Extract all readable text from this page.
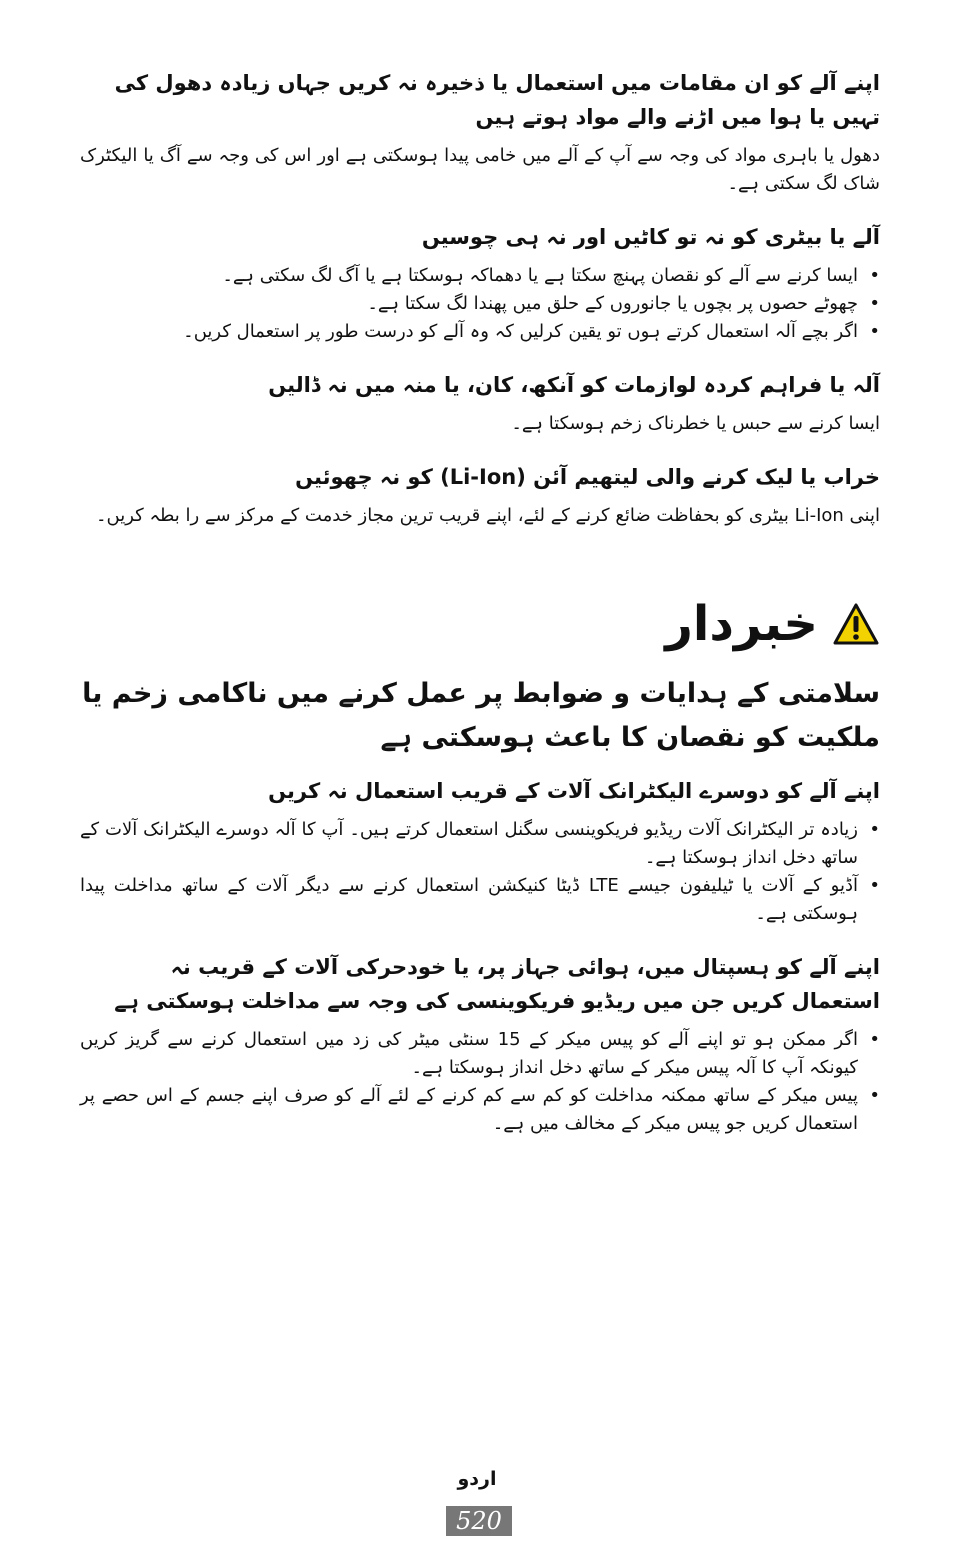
اپنے آلے کو ان مقامات میں استعمال یا ذخیرہ نہ کریں جہاں زیادہ دھول کی تہیں یا ہوا میں اڑنے والے مواد ہوتے ہیں

دھول یا باہری مواد کی وجہ سے آپ کے آلے میں خامی پیدا ہوسکتی ہے اور اس کی وجہ سے آگ یا الیکٹرک شاک لگ سکتی ہے۔

آلے یا بیٹری کو نہ تو کاٹیں اور نہ ہی چوسیں

• ایسا کرنے سے آلے کو نقصان پہنچ سکتا ہے یا دھماکہ ہوسکتا ہے یا آگ لگ سکتی ہے۔
• چھوٹے حصوں پر بچوں یا جانوروں کے حلق میں پھندا لگ سکتا ہے۔
• اگر بچے آلہ استعمال کرتے ہوں تو یقین کرلیں کہ وہ آلے کو درست طور پر استعمال کریں۔

آلہ یا فراہم کردہ لوازمات کو آنکھ، کان، یا منہ میں نہ ڈالیں

ایسا کرنے سے حبس یا خطرناک زخم ہوسکتا ہے۔

خراب یا لیک کرنے والی لیتھیم آئن (Li-Ion) کو نہ چھوئیں

اپنی Li-Ion بیٹری کو بحفاظت ضائع کرنے کے لئے، اپنے قریب ترین مجاز خدمت کے مرکز سے را بطہ کریں۔

خبردار

سلامتی کے ہدایات و ضوابط پر عمل کرنے میں ناکامی زخم یا ملکیت کو نقصان کا باعث ہوسکتی ہے

اپنے آلے کو دوسرے الیکٹرانک آلات کے قریب استعمال نہ کریں

• زیادہ تر الیکٹرانک آلات ریڈیو فریکوینسی سگنل استعمال کرتے ہیں۔ آپ کا آلہ دوسرے الیکٹرانک آلات کے ساتھ دخل انداز ہوسکتا ہے۔
• آڈیو کے آلات یا ٹیلیفون جیسے LTE ڈیٹا کنیکشن استعمال کرنے سے دیگر آلات کے ساتھ مداخلت پیدا ہوسکتی ہے۔

اپنے آلے کو ہسپتال میں، ہوائی جہاز پر، یا خودحرکی آلات کے قریب نہ استعمال کریں جن میں ریڈیو فریکوینسی کی وجہ سے مداخلت ہوسکتی ہے

• اگر ممکن ہو تو اپنے آلے کو پیس میکر کے 15 سنٹی میٹر کی زد میں استعمال کرنے سے گریز کریں کیونکہ آپ کا آلہ پیس میکر کے ساتھ دخل انداز ہوسکتا ہے۔
• پیس میکر کے ساتھ ممکنہ مداخلت کو کم سے کم کرنے کے لئے آلے کو صرف اپنے جسم کے اس حصے پر استعمال کریں جو پیس میکر کے مخالف میں ہے۔
اردو
520
